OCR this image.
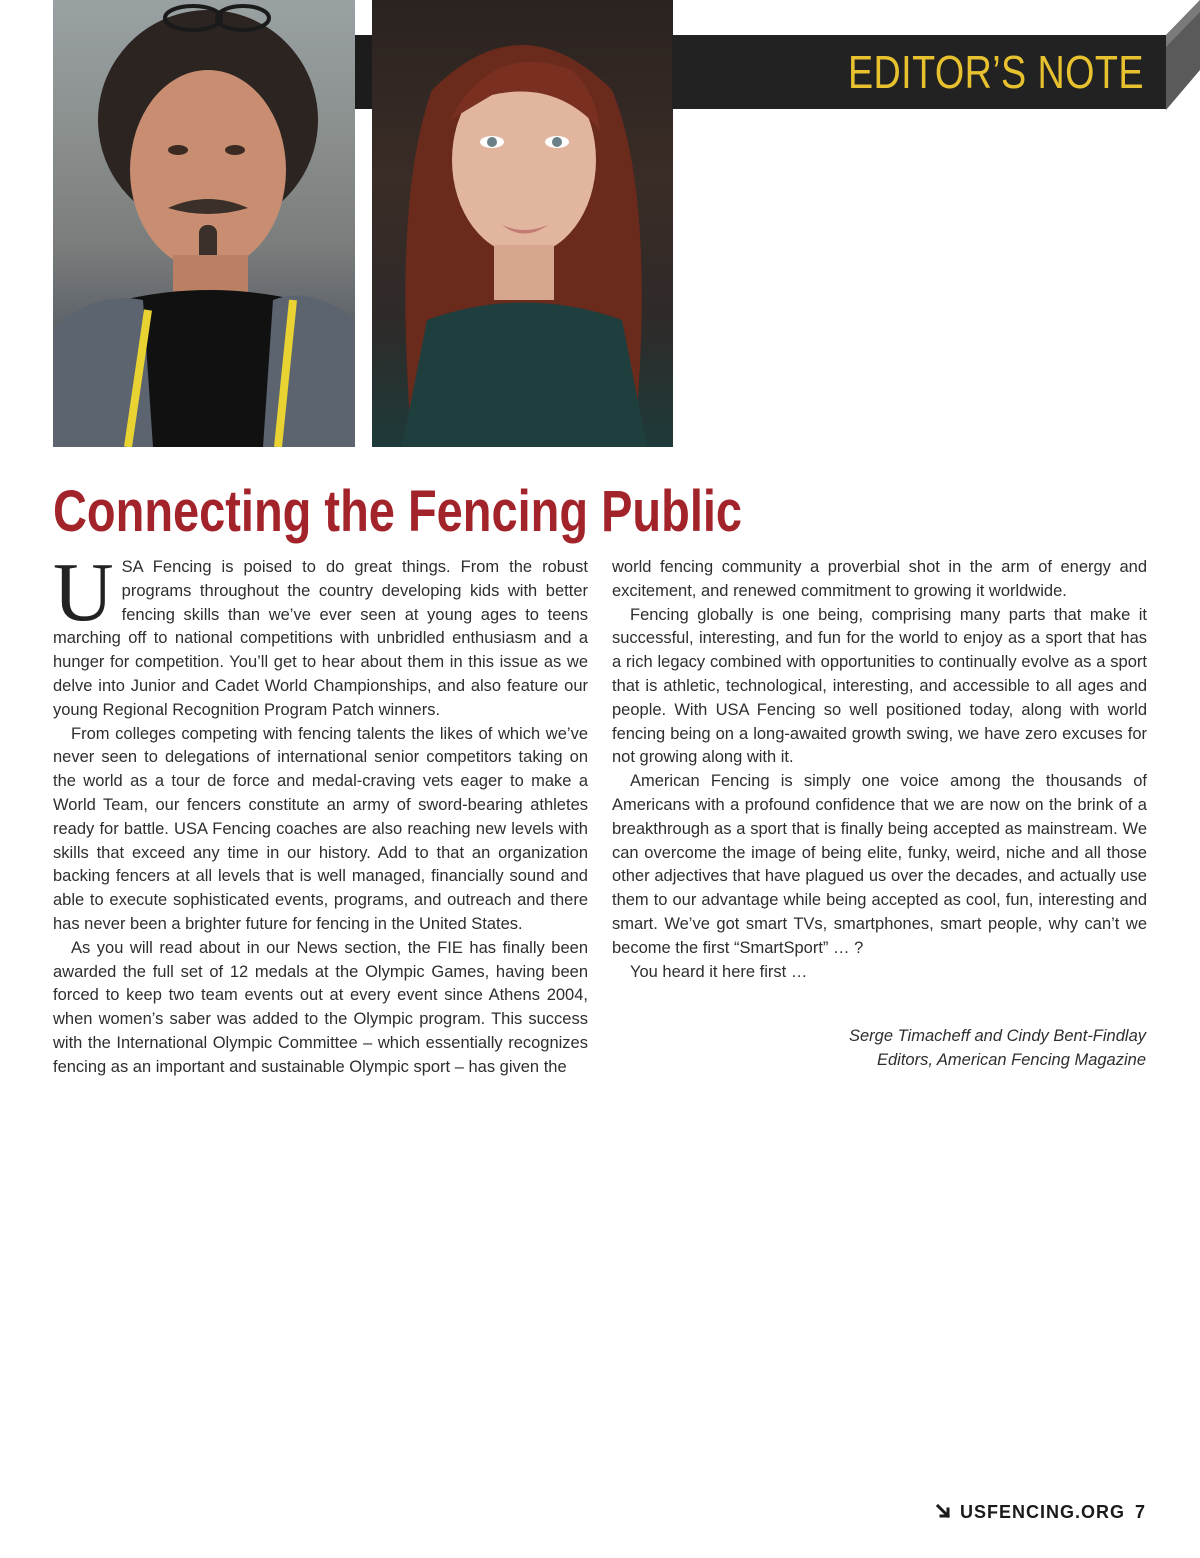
EDITOR’S NOTE
Connecting the Fencing Public

USA Fencing is poised to do great things. From the robust programs throughout the country developing kids with better fencing skills than we’ve ever seen at young ages to teens marching off to national competitions with unbridled enthusiasm and a hunger for competition. You’ll get to hear about them in this issue as we delve into Junior and Cadet World Championships, and also feature our young Regional Recognition Program Patch winners.

From colleges competing with fencing talents the likes of which we’ve never seen to delegations of international senior competitors taking on the world as a tour de force and medal-craving vets eager to make a World Team, our fencers constitute an army of sword-bearing athletes ready for battle. USA Fencing coaches are also reaching new levels with skills that exceed any time in our history. Add to that an organization backing fencers at all levels that is well managed, financially sound and able to execute sophisticated events, programs, and outreach and there has never been a brighter future for fencing in the United States.

As you will read about in our News section, the FIE has finally been awarded the full set of 12 medals at the Olympic Games, having been forced to keep two team events out at every event since Athens 2004, when women’s saber was added to the Olympic program. This success with the International Olympic Committee – which essentially recognizes fencing as an important and sustainable Olympic sport – has given the

world fencing community a proverbial shot in the arm of energy and excitement, and renewed commitment to growing it worldwide.

Fencing globally is one being, comprising many parts that make it successful, interesting, and fun for the world to enjoy as a sport that has a rich legacy combined with opportunities to continually evolve as a sport that is athletic, technological, interesting, and accessible to all ages and people. With USA Fencing so well positioned today, along with world fencing being on a long-awaited growth swing, we have zero excuses for not growing along with it.

American Fencing is simply one voice among the thousands of Americans with a profound confidence that we are now on the brink of a breakthrough as a sport that is finally being accepted as mainstream. We can overcome the image of being elite, funky, weird, niche and all those other adjectives that have plagued us over the decades, and actually use them to our advantage while being accepted as cool, fun, interesting and smart. We’ve got smart TVs, smartphones, smart people, why can’t we become the first “SmartSport” … ?

You heard it here first …

Serge Timacheff and Cindy Bent-Findlay
Editors, American Fencing Magazine
USFENCING.ORG 7
